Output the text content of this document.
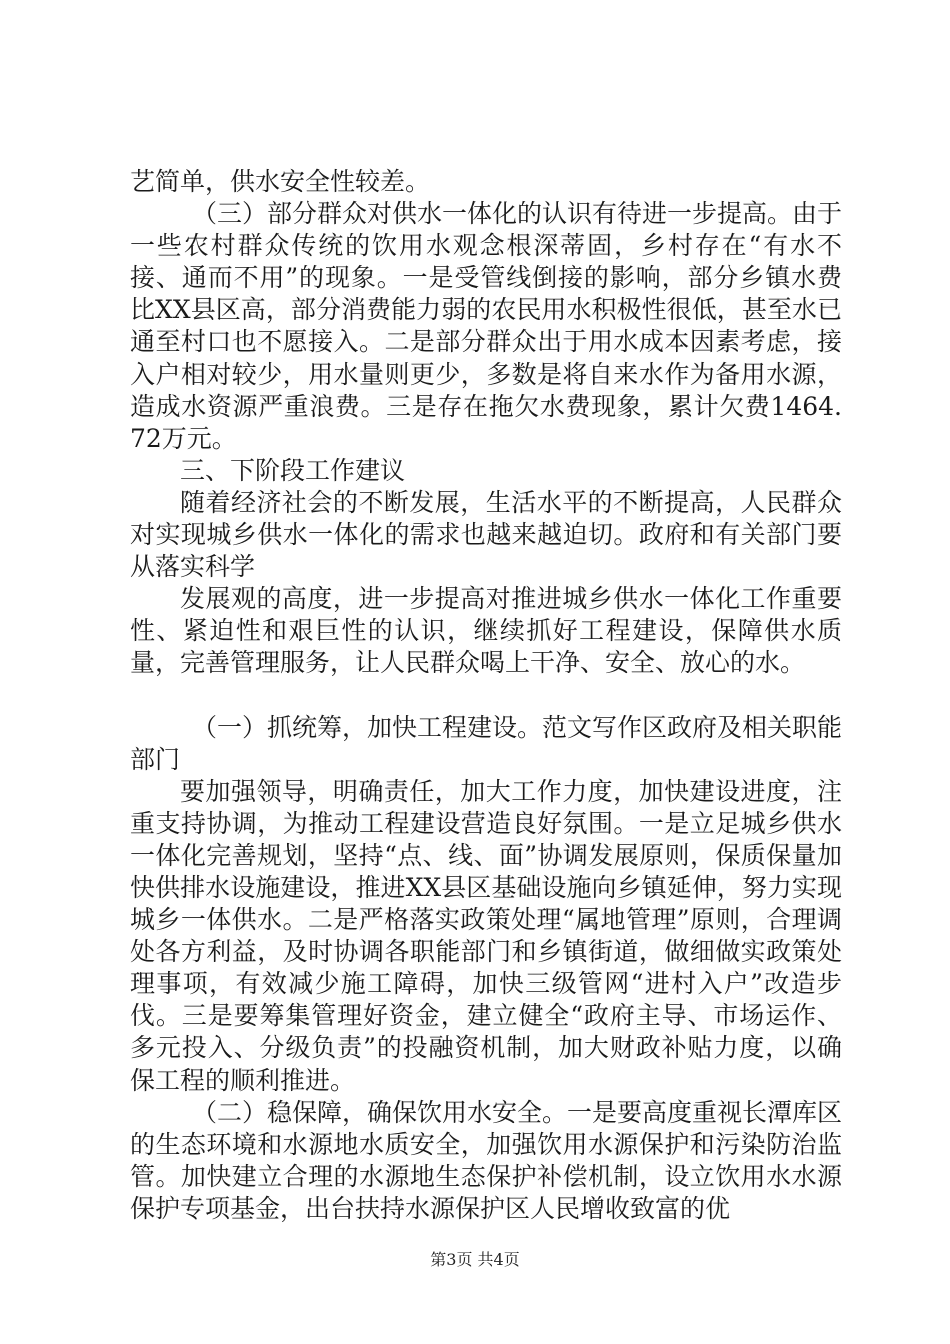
艺简单，供水安全性较差。

（三）部分群众对供水一体化的认识有待进一步提高。由于一些农村群众传统的饮用水观念根深蒂固，乡村存在“有水不接、通而不用”的现象。一是受管线倒接的影响，部分乡镇水费比XX县区高，部分消费能力弱的农民用水积极性很低，甚至水已通至村口也不愿接入。二是部分群众出于用水成本因素考虑，接入户相对较少，用水量则更少，多数是将自来水作为备用水源，造成水资源严重浪费。三是存在拖欠水费现象，累计欠费1464.72万元。

三、下阶段工作建议

随着经济社会的不断发展，生活水平的不断提高，人民群众对实现城乡供水一体化的需求也越来越迫切。政府和有关部门要从落实科学

发展观的高度，进一步提高对推进城乡供水一体化工作重要性、紧迫性和艰巨性的认识，继续抓好工程建设，保障供水质量，完善管理服务，让人民群众喝上干净、安全、放心的水。

（一）抓统筹，加快工程建设。范文写作区政府及相关职能部门

要加强领导，明确责任，加大工作力度，加快建设进度，注重支持协调，为推动工程建设营造良好氛围。一是立足城乡供水一体化完善规划，坚持“点、线、面”协调发展原则，保质保量加快供排水设施建设，推进XX县区基础设施向乡镇延伸，努力实现城乡一体供水。二是严格落实政策处理“属地管理”原则，合理调处各方利益，及时协调各职能部门和乡镇街道，做细做实政策处理事项，有效减少施工障碍，加快三级管网“进村入户”改造步伐。三是要筹集管理好资金，建立健全“政府主导、市场运作、多元投入、分级负责”的投融资机制，加大财政补贴力度，以确保工程的顺利推进。

（二）稳保障，确保饮用水安全。一是要高度重视长潭库区的生态环境和水源地水质安全，加强饮用水源保护和污染防治监管。加快建立合理的水源地生态保护补偿机制，设立饮用水水源保护专项基金，出台扶持水源保护区人民增收致富的优

第3页 共4页
